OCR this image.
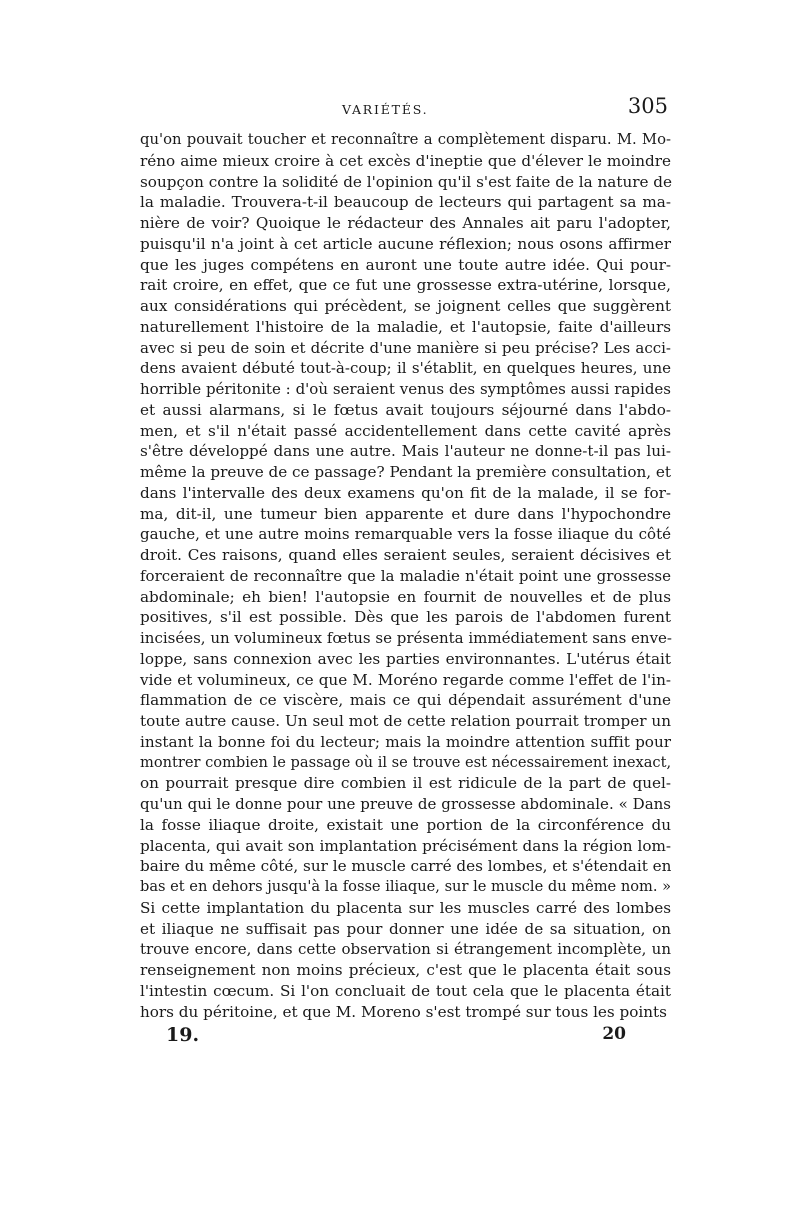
VARIÉTÉS.	305
qu'on pouvait toucher et reconnaître a complètement disparu. M. Mo-
réno aime mieux croire à cet excès d'ineptie que d'élever le moindre
soupçon contre la solidité de l'opinion qu'il s'est faite de la nature de
la maladie. Trouvera-t-il beaucoup de lecteurs qui partagent sa ma-
nière de voir? Quoique le rédacteur des Annales ait paru l'adopter,
puisqu'il n'a joint à cet article aucune réflexion; nous osons affirmer
que les juges compétens en auront une toute autre idée. Qui pour-
rait croire, en effet, que ce fut une grossesse extra-utérine, lorsque,
aux considérations qui précèdent, se joignent celles que suggèrent
naturellement l'histoire de la maladie, et l'autopsie, faite d'ailleurs
avec si peu de soin et décrite d'une manière si peu précise? Les acci-
dens avaient débuté tout-à-coup; il s'établit, en quelques heures, une
horrible péritonite : d'où seraient venus des symptômes aussi rapides
et aussi alarmans, si le fœtus avait toujours séjourné dans l'abdo-
men, et s'il n'était passé accidentellement dans cette cavité après
s'être développé dans une autre. Mais l'auteur ne donne-t-il pas lui-
même la preuve de ce passage? Pendant la première consultation, et
dans l'intervalle des deux examens qu'on fit de la malade, il se for-
ma, dit-il, une tumeur bien apparente et dure dans l'hypochondre
gauche, et une autre moins remarquable vers la fosse iliaque du côté
droit. Ces raisons, quand elles seraient seules, seraient décisives et
forceraient de reconnaître que la maladie n'était point une grossesse
abdominale; eh bien! l'autopsie en fournit de nouvelles et de plus
positives, s'il est possible. Dès que les parois de l'abdomen furent
incisées, un volumineux fœtus se présenta immédiatement sans enve-
loppe, sans connexion avec les parties environnantes. L'utérus était
vide et volumineux, ce que M. Moréno regarde comme l'effet de l'in-
flammation de ce viscère, mais ce qui dépendait assurément d'une
toute autre cause. Un seul mot de cette relation pourrait tromper un
instant la bonne foi du lecteur; mais la moindre attention suffit pour
montrer combien le passage où il se trouve est nécessairement inexact,
on pourrait presque dire combien il est ridicule de la part de quel-
qu'un qui le donne pour une preuve de grossesse abdominale. « Dans
la fosse iliaque droite, existait une portion de la circonférence du
placenta, qui avait son implantation précisément dans la région lom-
baire du même côté, sur le muscle carré des lombes, et s'étendait en
bas et en dehors jusqu'à la fosse iliaque, sur le muscle du même nom. »
Si cette implantation du placenta sur les muscles carré des lombes
et iliaque ne suffisait pas pour donner une idée de sa situation, on
trouve encore, dans cette observation si étrangement incomplète, un
renseignement non moins précieux, c'est que le placenta était sous
l'intestin cœcum. Si l'on concluait de tout cela que le placenta était
hors du péritoine, et que M. Moreno s'est trompé sur tous les points
19.	20
